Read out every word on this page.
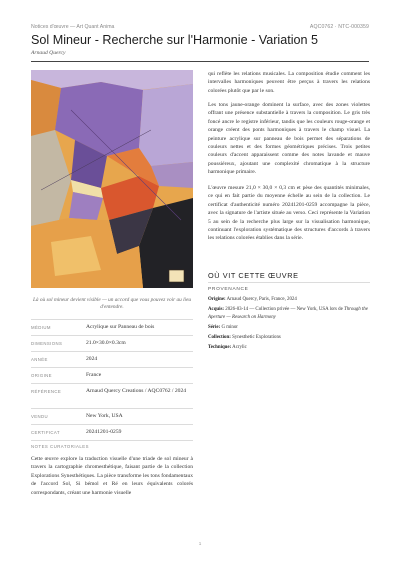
Notices d'œuvre — Art Quant Anima	AQC0762 · NTC-000359
Sol Mineur - Recherche sur l'Harmonie - Variation 5
Arnaud Quercy
Là où sol mineur devient visible — un accord que vous pouvez voir au lieu d'entendre.
MÉDIUM	Acrylique sur Panneau de bois
DIMENSIONS	21.0×30.0×0.3cm
ANNÉE	2024
ORIGINE	France
RÉFÉRENCE	Arnaud Quercy Creations / AQC0762 / 2024
VENDU	New York, USA
CERTIFICAT	20241201-0259
NOTES CURATORIALES

Cette œuvre explore la traduction visuelle d'une triade de sol mineur à travers la cartographie chromesthétique, faisant partie de la collection Explorations Synesthétiques. La pièce transforme les tons fondamentaux de l'accord Sol, Si bémol et Ré en leurs équivalents colorés correspondants, créant une harmonie visuelle

qui reflète les relations musicales. La composition étudie comment les intervalles harmoniques peuvent être perçus à travers les relations colorées plutôt que par le son.

Les tons jaune-orange dominent la surface, avec des zones violettes offrant une présence substantielle à travers la composition. Le gris très foncé ancre le registre inférieur, tandis que les couleurs rouge-orange et orange créent des ponts harmoniques à travers le champ visuel. La peinture acrylique sur panneau de bois permet des séparations de couleurs nettes et des formes géométriques précises. Trois petites couleurs d'accent apparaissent comme des notes lavande et mauve poussiéreux, ajoutant une complexité chromatique à la structure harmonique primaire.

L'œuvre mesure 21,0 × 30,0 × 0,3 cm et pèse des quantités minimales, ce qui en fait partie du moyenne échelle au sein de la collection. Le certificat d'authenticité numéro 20241201-0259 accompagne la pièce, avec la signature de l'artiste située au verso. Ceci représente la Variation 5 au sein de la recherche plus large sur la visualisation harmonique, continuant l'exploration systématique des structures d'accords à travers les relations colorées établies dans la série.

OÙ VIT CETTE ŒUVRE
PROVENANCE
Origine: Arnaud Quercy, Paris, France, 2024
Acquis: 2026-03-14 — Collection privée — New York, USA lors de Through the Aperture — Research on Harmony
Série: G minor
Collection: Synesthetic Explorations
Technique: Acrylic
1
